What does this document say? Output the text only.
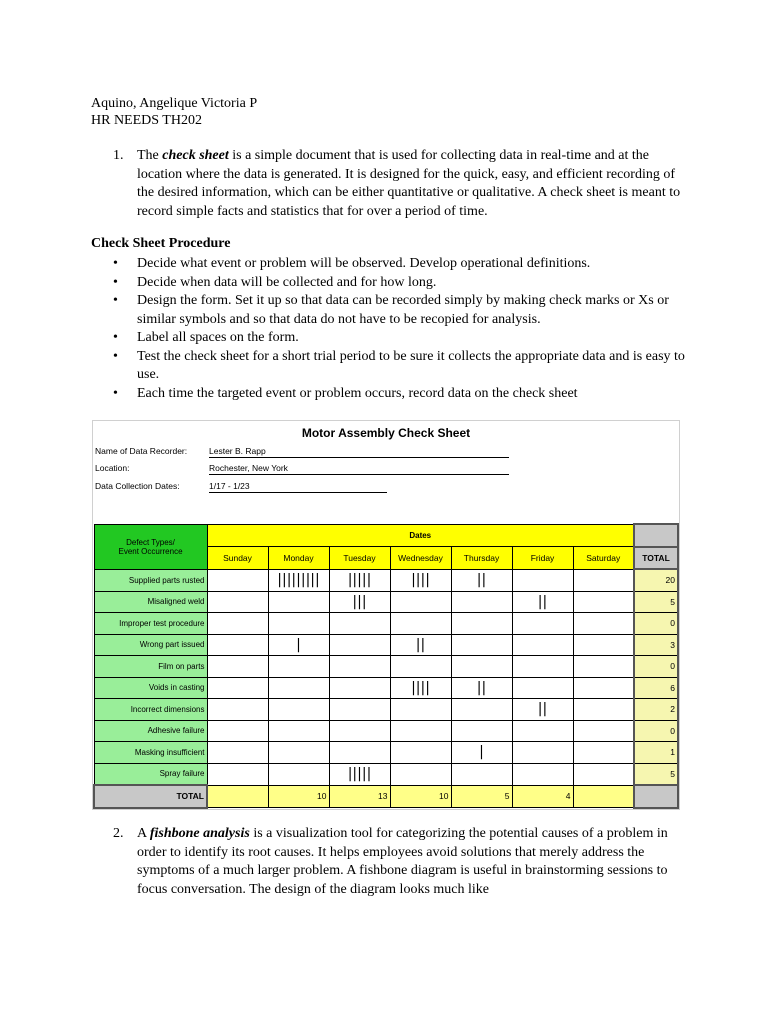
Aquino, Angelique Victoria P
HR NEEDS TH202
1. The check sheet is a simple document that is used for collecting data in real-time and at the location where the data is generated. It is designed for the quick, easy, and efficient recording of the desired information, which can be either quantitative or qualitative. A check sheet is meant to record simple facts and statistics that for over a period of time.
Check Sheet Procedure
• Decide what event or problem will be observed. Develop operational definitions.
• Decide when data will be collected and for how long.
• Design the form. Set it up so that data can be recorded simply by making check marks or Xs or similar symbols and so that data do not have to be recopied for analysis.
• Label all spaces on the form.
• Test the check sheet for a short trial period to be sure it collects the appropriate data and is easy to use.
• Each time the targeted event or problem occurs, record data on the check sheet
Motor Assembly Check Sheet
Name of Data Recorder:	Lester B. Rapp
Location:	Rochester, New York
Data Collection Dates:	1/17 - 1/23
Defect Types/
Event Occurrence	Dates							
	Sunday	Monday	Tuesday	Wednesday	Thursday	Friday	Saturday	TOTAL
Supplied parts rusted		|||||||||	|||||	||||	||			20
Misaligned weld			|||			||		5
Improper test procedure								0
Wrong part issued		|		||				3
Film on parts								0
Voids in casting				||||	||			6
Incorrect dimensions						||		2
Adhesive failure								0
Masking insufficient					|			1
Spray failure			|||||					5
TOTAL		10	13	10	5	4		
2. A fishbone analysis is a visualization tool for categorizing the potential causes of a problem in order to identify its root causes. It helps employees avoid solutions that merely address the symptoms of a much larger problem. A fishbone diagram is useful in brainstorming sessions to focus conversation. The design of the diagram looks much like
